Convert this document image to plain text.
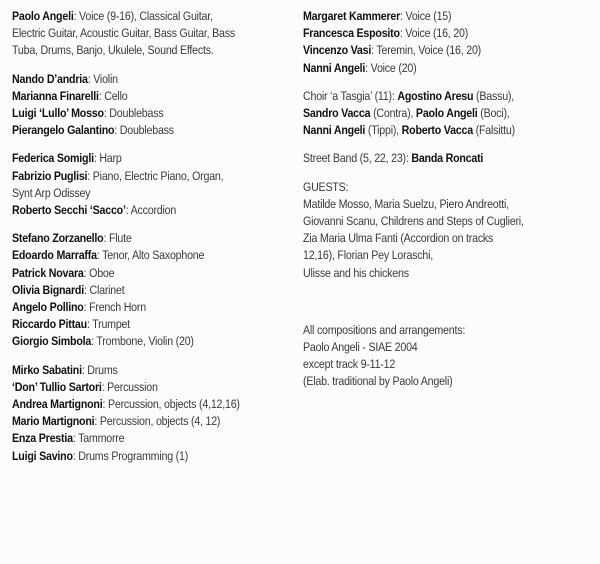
Paolo Angeli: Voice (9-16), Classical Guitar,
Electric Guitar, Acoustic Guitar, Bass Guitar, Bass
Tuba, Drums, Banjo, Ukulele, Sound Effects.
Nando D’andria: Violin
Marianna Finarelli: Cello
Luigi ‘Lullo’ Mosso: Doublebass
Pierangelo Galantino: Doublebass
Federica Somigli: Harp
Fabrizio Puglisi: Piano, Electric Piano, Organ,
Synt Arp Odissey
Roberto Secchi ‘Sacco’: Accordion
Stefano Zorzanello: Flute
Edoardo Marraffa: Tenor, Alto Saxophone
Patrick Novara: Oboe
Olivia Bignardi: Clarinet
Angelo Pollino: French Horn
Riccardo Pittau: Trumpet
Giorgio Simbola: Trombone, Violin (20)
Mirko Sabatini: Drums
‘Don’ Tullio Sartori: Percussion
Andrea Martignoni: Percussion, objects (4,12,16)
Mario Martignoni: Percussion, objects (4, 12)
Enza Prestia: Tammorre
Luigi Savino: Drums Programming (1)
Margaret Kammerer: Voice (15)
Francesca Esposito: Voice (16, 20)
Vincenzo Vasi: Teremin, Voice (16, 20)
Nanni Angeli: Voice (20)
Choir ‘a Tasgia’ (11): Agostino Aresu (Bassu),
Sandro Vacca (Contra), Paolo Angeli (Boci),
Nanni Angeli (Tippi), Roberto Vacca (Falsittu)
Street Band (5, 22, 23): Banda Roncati
GUESTS:
Matilde Mosso, Maria Suelzu, Piero Andreotti,
Giovanni Scanu, Childrens and Steps of Cuglieri,
Zia Maria Ulma Fanti (Accordion on tracks
12,16), Florian Pey Loraschi,
Ulisse and his chickens
All compositions and arrangements:
Paolo Angeli - SIAE 2004
except track 9-11-12
(Elab. traditional by Paolo Angeli)
